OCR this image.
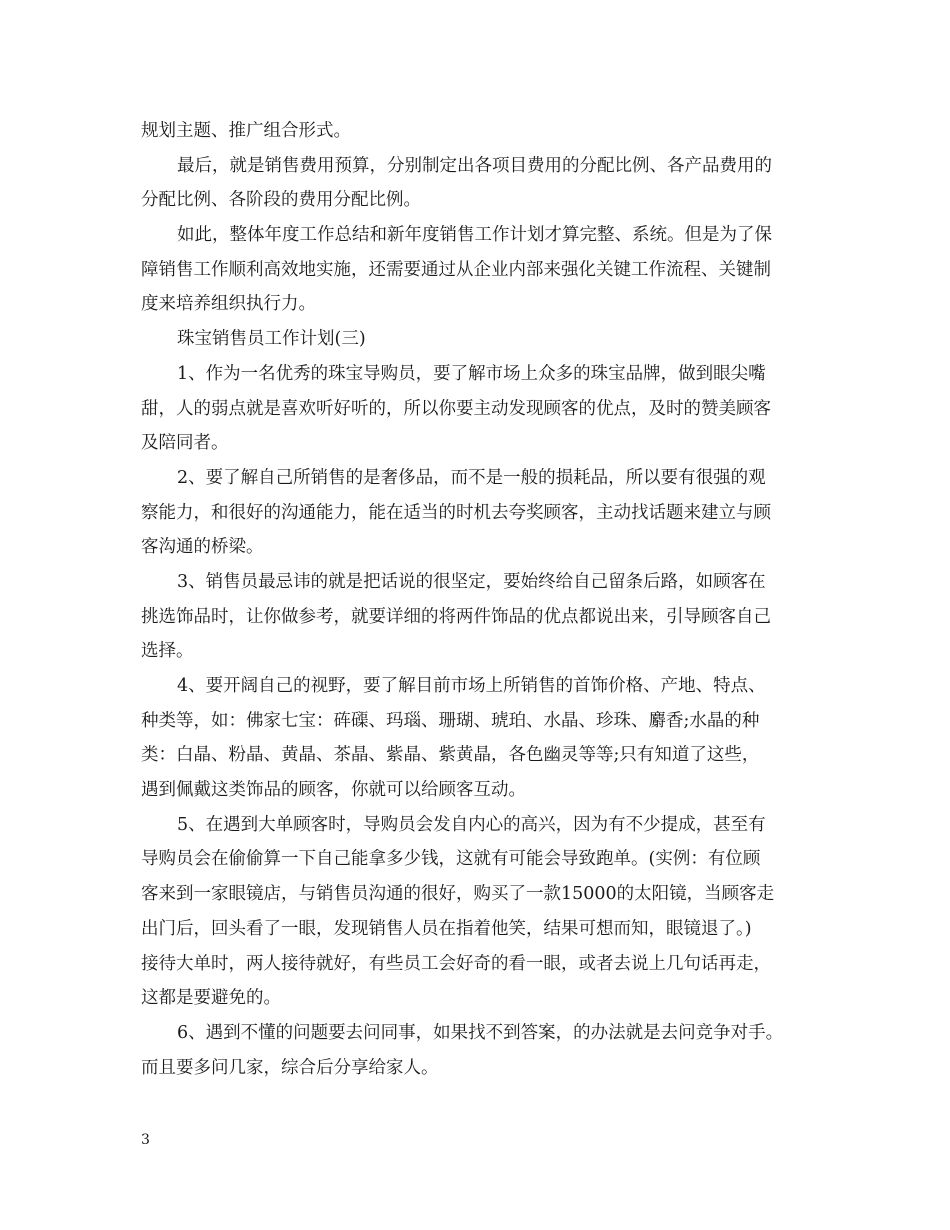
规划主题、推广组合形式。
最后，就是销售费用预算，分别制定出各项目费用的分配比例、各产品费用的
分配比例、各阶段的费用分配比例。
如此，整体年度工作总结和新年度销售工作计划才算完整、系统。但是为了保
障销售工作顺利高效地实施，还需要通过从企业内部来强化关键工作流程、关键制
度来培养组织执行力。
珠宝销售员工作计划(三)
1、作为一名优秀的珠宝导购员，要了解市场上众多的珠宝品牌，做到眼尖嘴
甜，人的弱点就是喜欢听好听的，所以你要主动发现顾客的优点，及时的赞美顾客
及陪同者。
2、要了解自己所销售的是奢侈品，而不是一般的损耗品，所以要有很强的观
察能力，和很好的沟通能力，能在适当的时机去夸奖顾客，主动找话题来建立与顾
客沟通的桥梁。
3、销售员最忌讳的就是把话说的很坚定，要始终给自己留条后路，如顾客在
挑选饰品时，让你做参考，就要详细的将两件饰品的优点都说出来，引导顾客自己
选择。
4、要开阔自己的视野，要了解目前市场上所销售的首饰价格、产地、特点、
种类等，如：佛家七宝：砗磲、玛瑙、珊瑚、琥珀、水晶、珍珠、麝香;水晶的种
类：白晶、粉晶、黄晶、茶晶、紫晶、紫黄晶，各色幽灵等等;只有知道了这些，
遇到佩戴这类饰品的顾客，你就可以给顾客互动。
5、在遇到大单顾客时，导购员会发自内心的高兴，因为有不少提成，甚至有
导购员会在偷偷算一下自己能拿多少钱，这就有可能会导致跑单。(实例：有位顾
客来到一家眼镜店，与销售员沟通的很好，购买了一款15000的太阳镜，当顾客走
出门后，回头看了一眼，发现销售人员在指着他笑，结果可想而知，眼镜退了。)
接待大单时，两人接待就好，有些员工会好奇的看一眼，或者去说上几句话再走，
这都是要避免的。
6、遇到不懂的问题要去问同事，如果找不到答案，的办法就是去问竞争对手。
而且要多问几家，综合后分享给家人。
3
